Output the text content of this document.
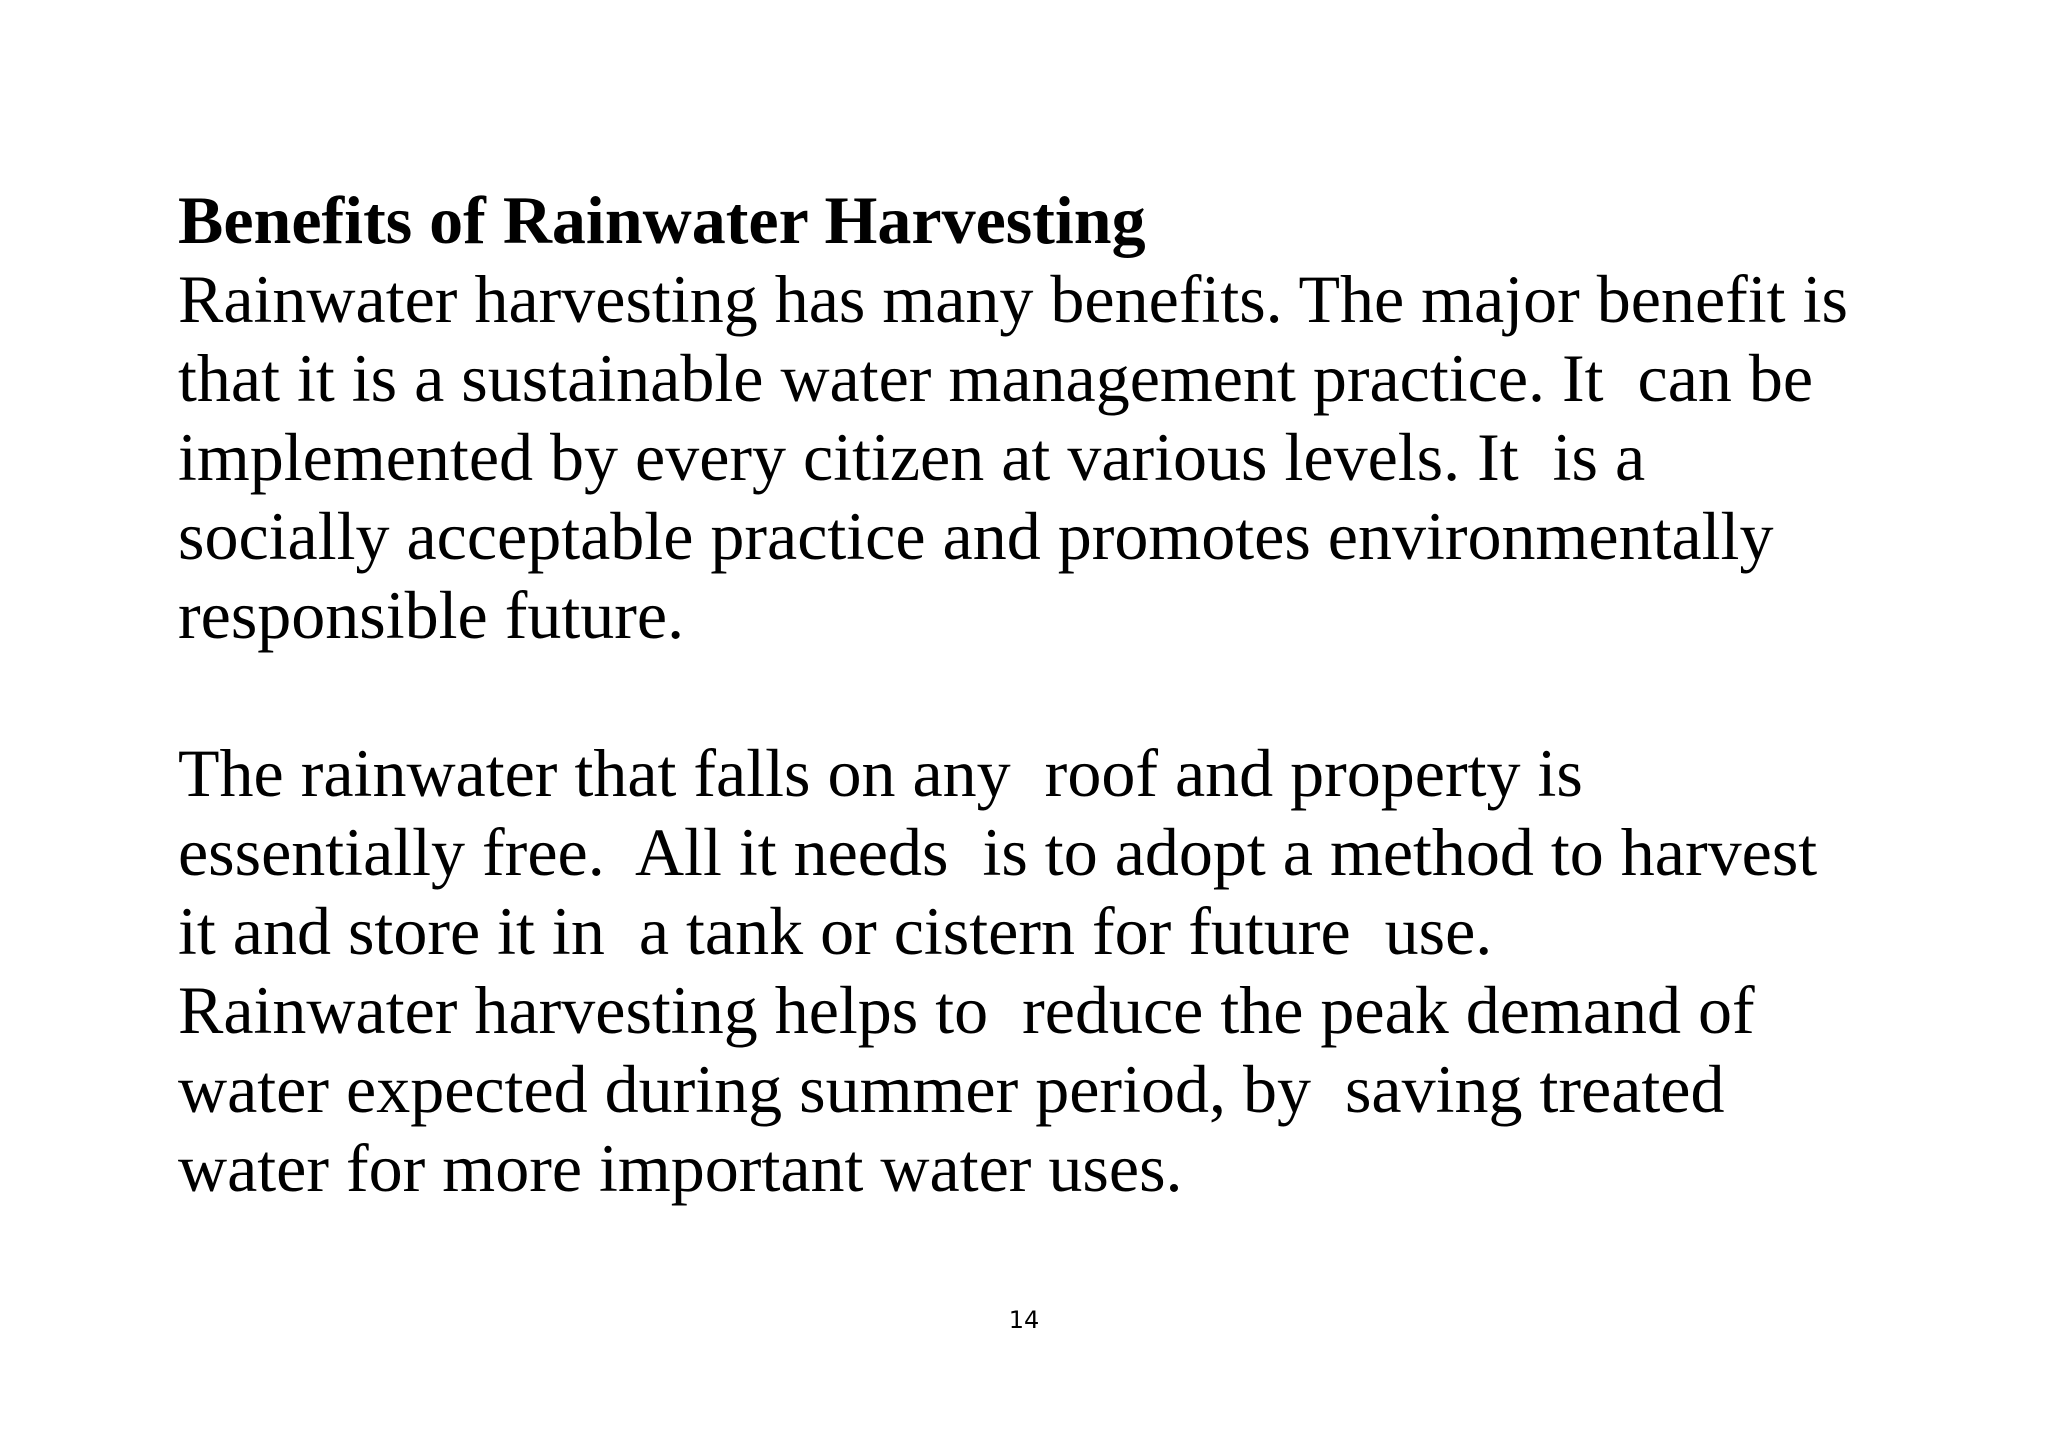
Benefits of Rainwater Harvesting

Rainwater harvesting has many benefits. The major benefit is

that it is a sustainable water management practice. It  can be

implemented by every citizen at various levels. It  is a

socially acceptable practice and promotes environmentally

responsible future.

The rainwater that falls on any  roof and property is

essentially free.  All it needs  is to adopt a method to harvest

it and store it in  a tank or cistern for future  use.

Rainwater harvesting helps to  reduce the peak demand of

water expected during summer period, by  saving treated

water for more important water uses.

14
